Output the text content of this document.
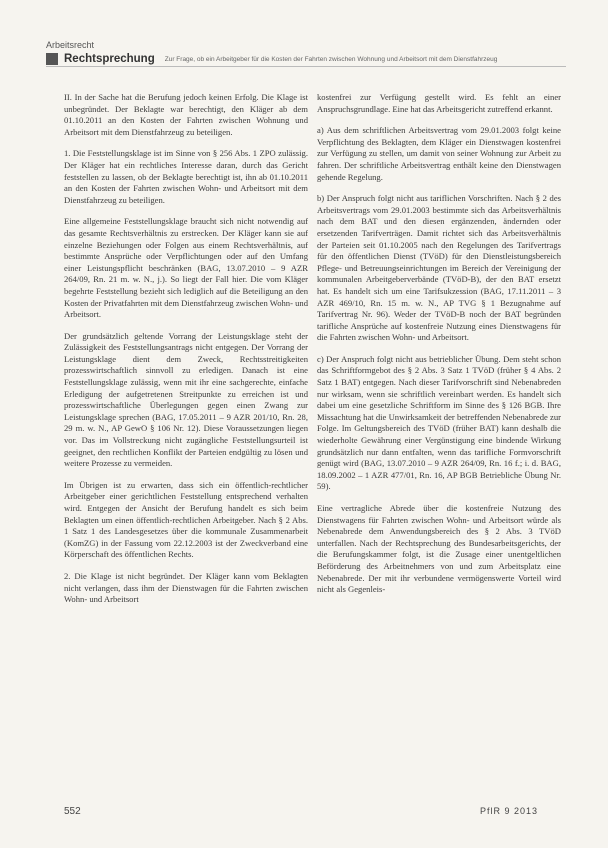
Arbeitsrecht
Rechtsprechung Zur Frage, ob ein Arbeitgeber für die Kosten der Fahrten zwischen Wohnung und Arbeitsort mit dem Dienstfahrzeug

II. In der Sache hat die Berufung jedoch keinen Erfolg. Die Klage ist unbegründet. Der Beklagte war berechtigt, den Kläger ab dem 01.10.2011 an den Kosten der Fahrten zwischen Wohnung und Arbeitsort mit dem Dienstfahrzeug zu beteiligen.

1. Die Feststellungsklage ist im Sinne von § 256 Abs. 1 ZPO zulässig. Der Kläger hat ein rechtliches Interesse daran, durch das Gericht feststellen zu lassen, ob der Beklagte berechtigt ist, ihn ab 01.10.2011 an den Kosten der Fahrten zwischen Wohn- und Arbeitsort mit dem Dienstfahrzeug zu beteiligen.

Eine allgemeine Feststellungsklage braucht sich nicht notwendig auf das gesamte Rechtsverhältnis zu erstrecken. Der Kläger kann sie auf einzelne Beziehungen oder Folgen aus einem Rechtsverhältnis, auf bestimmte Ansprüche oder Verpflichtungen oder auf den Umfang einer Leistungspflicht beschränken (BAG, 13.07.2010 – 9 AZR 264/09, Rn. 21 m. w. N., j.). So liegt der Fall hier. Die vom Kläger begehrte Feststellung bezieht sich lediglich auf die Beteiligung an den Kosten der Privatfahrten mit dem Dienstfahrzeug zwischen Wohn- und Arbeitsort.

Der grundsätzlich geltende Vorrang der Leistungsklage steht der Zulässigkeit des Feststellungsantrags nicht entgegen. Der Vorrang der Leistungsklage dient dem Zweck, Rechtsstreitigkeiten prozesswirtschaftlich sinnvoll zu erledigen. Danach ist eine Feststellungsklage zulässig, wenn mit ihr eine sachgerechte, einfache Erledigung der aufgetretenen Streitpunkte zu erreichen ist und prozesswirtschaftliche Überlegungen gegen einen Zwang zur Leistungsklage sprechen (BAG, 17.05.2011 – 9 AZR 201/10, Rn. 28, 29 m. w. N., AP GewO § 106 Nr. 12). Diese Voraussetzungen liegen vor. Das im Vollstreckung nicht zugängliche Feststellungsurteil ist geeignet, den rechtlichen Konflikt der Parteien endgültig zu lösen und weitere Prozesse zu vermeiden.

Im Übrigen ist zu erwarten, dass sich ein öffentlich-rechtlicher Arbeitgeber einer gerichtlichen Feststellung entsprechend verhalten wird. Entgegen der Ansicht der Berufung handelt es sich beim Beklagten um einen öffentlich-rechtlichen Arbeitgeber. Nach § 2 Abs. 1 Satz 1 des Landesgesetzes über die kommunale Zusammenarbeit (KomZG) in der Fassung vom 22.12.2003 ist der Zweckverband eine Körperschaft des öffentlichen Rechts.

2. Die Klage ist nicht begründet. Der Kläger kann vom Beklagten nicht verlangen, dass ihm der Dienstwagen für die Fahrten zwischen Wohn- und Arbeitsort

kostenfrei zur Verfügung gestellt wird. Es fehlt an einer Anspruchsgrundlage. Eine hat das Arbeitsgericht zutreffend erkannt.

a) Aus dem schriftlichen Arbeitsvertrag vom 29.01.2003 folgt keine Verpflichtung des Beklagten, dem Kläger ein Dienstwagen kostenfrei zur Verfügung zu stellen, um damit von seiner Wohnung zur Arbeit zu fahren. Der schriftliche Arbeitsvertrag enthält keine den Dienstwagen gehende Regelung.

b) Der Anspruch folgt nicht aus tariflichen Vorschriften. Nach § 2 des Arbeitsvertrags vom 29.01.2003 bestimmte sich das Arbeitsverhältnis nach dem BAT und den diesen ergänzenden, ändernden oder ersetzenden Tarifverträgen. Damit richtet sich das Arbeitsverhältnis der Parteien seit 01.10.2005 nach den Regelungen des Tarifvertrags für den öffentlichen Dienst (TVöD) für den Dienstleistungsbereich Pflege- und Betreuungseinrichtungen im Bereich der Vereinigung der kommunalen Arbeitgeberverbände (TVöD-B), der den BAT ersetzt hat. Es handelt sich um eine Tarifsukzession (BAG, 17.11.2011 – 3 AZR 469/10, Rn. 15 m. w. N., AP TVG § 1 Bezugnahme auf Tarifvertrag Nr. 96). Weder der TVöD-B noch der BAT begründen tarifliche Ansprüche auf kostenfreie Nutzung eines Dienstwagens für die Fahrten zwischen Wohn- und Arbeitsort.

c) Der Anspruch folgt nicht aus betrieblicher Übung. Dem steht schon das Schriftformgebot des § 2 Abs. 3 Satz 1 TVöD (früher § 4 Abs. 2 Satz 1 BAT) entgegen. Nach dieser Tarifvorschrift sind Nebenabreden nur wirksam, wenn sie schriftlich vereinbart werden. Es handelt sich dabei um eine gesetzliche Schriftform im Sinne des § 126 BGB. Ihre Missachtung hat die Unwirksamkeit der betreffenden Nebenabrede zur Folge. Im Geltungsbereich des TVöD (früher BAT) kann deshalb die wiederholte Gewährung einer Vergünstigung eine bindende Wirkung grundsätzlich nur dann entfalten, wenn das tarifliche Formvorschrift genügt wird (BAG, 13.07.2010 – 9 AZR 264/09, Rn. 16 f.; i. d. BAG, 18.09.2002 – 1 AZR 477/01, Rn. 16, AP BGB Betriebliche Übung Nr. 59).

Eine vertragliche Abrede über die kostenfreie Nutzung des Dienstwagens für Fahrten zwischen Wohn- und Arbeitsort würde als Nebenabrede dem Anwendungsbereich des § 2 Abs. 3 TVöD unterfallen. Nach der Rechtsprechung des Bundesarbeitsgerichts, der die Berufungskammer folgt, ist die Zusage einer unentgeltlichen Beförderung des Arbeitnehmers von und zum Arbeitsplatz eine Nebenabrede. Der mit ihr verbundene vermögenswerte Vorteil wird nicht als Gegenleis-

552	PflR 9 2013
